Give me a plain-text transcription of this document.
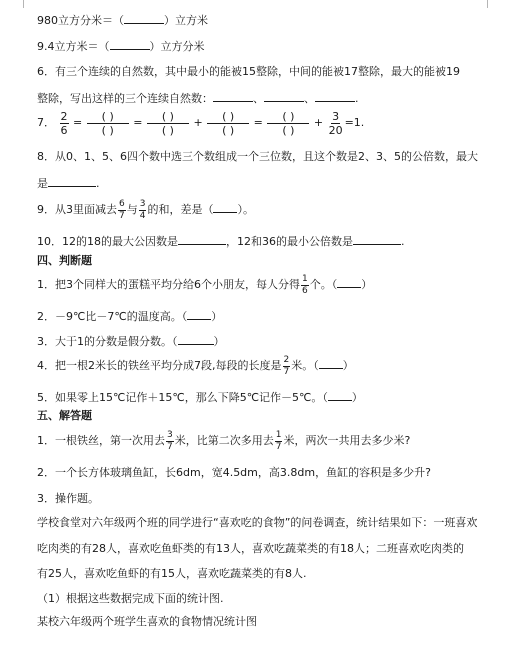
980立方分米＝（	）立方米
9.4立方米＝（	）立方分米
6．有三个连续的自然数，其中最小的能被15整除，中间的能被17整除，最大的能被19
整除，写出这样的三个连续自然数：	、	、	.
7． $\frac{2}{6} = \frac{( )}{( )} = \frac{( )}{( )} + \frac{( )}{( )} = \frac{( )}{( )} + \frac{3}{20} =1$.
8．从0、1、5、6四个数中选三个数组成一个三位数，且这个数是2、3、5的公倍数，最大
是	.
9．从3里面减去 $\frac{6}{7}$ 与 $\frac{3}{4}$ 的和，差是（ ）。
10．12的18的最大公因数是	，12和36的最小公倍数是	.
四、判断题
1．把3个同样大的蛋糕平均分给6个小朋友，每人分得 $\frac{1}{6}$ 个。（ ）
2．－9℃比－7℃的温度高。（ ）
3．大于1的分数是假分数。（	）
4．把一根2米长的铁丝平均分成7段,每段的长度是 $\frac{2}{7}$ 米。（ ）
5．如果零上15℃记作＋15℃，那么下降5℃记作－5℃。（ ）
五、解答题
1．一根铁丝，第一次用去 $\frac{3}{7}$ 米，比第二次多用去 $\frac{1}{7}$ 米，两次一共用去多少米?
2．一个长方体玻璃鱼缸，长6dm，宽4.5dm，高3.8dm，鱼缸的容积是多少升?
3．操作题。
学校食堂对六年级两个班的同学进行“喜欢吃的食物”的问卷调查，统计结果如下：一班喜欢
吃肉类的有28人，喜欢吃鱼虾类的有13人，喜欢吃蔬菜类的有18人；二班喜欢吃肉类的
有25人，喜欢吃鱼虾的有15人，喜欢吃蔬菜类的有8人.
（1）根据这些数据完成下面的统计图.
某校六年级两个班学生喜欢的食物情况统计图
